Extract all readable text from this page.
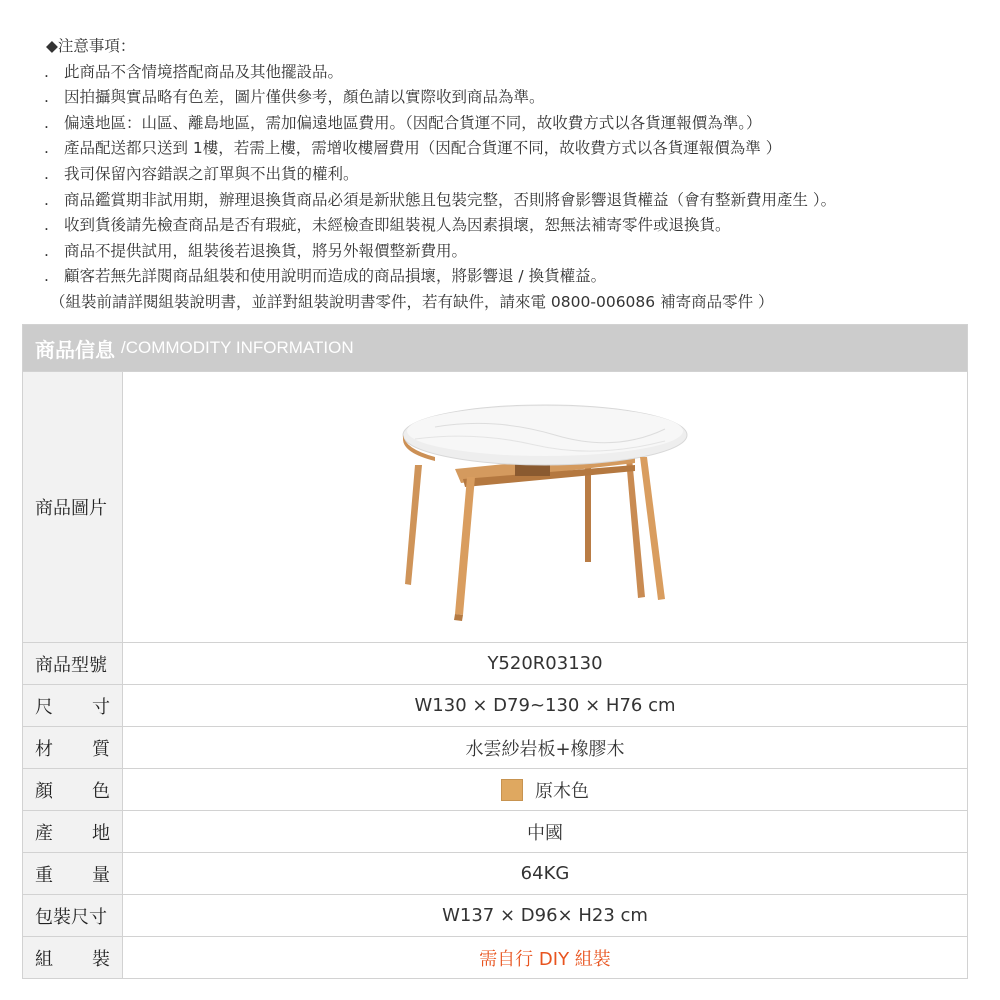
◆注意事項：
. 此商品不含情境搭配商品及其他擺設品。
. 因拍攝與實品略有色差，圖片僅供參考，顏色請以實際收到商品為準。
. 偏遠地區：山區、離島地區，需加偏遠地區費用。（因配合貨運不同，故收費方式以各貨運報價為準。）
. 產品配送都只送到 1樓，若需上樓，需增收樓層費用（因配合貨運不同，故收費方式以各貨運報價為準 ）
. 我司保留內容錯誤之訂單與不出貨的權利。
. 商品鑑賞期非試用期，辦理退換貨商品必須是新狀態且包裝完整，否則將會影響退貨權益（會有整新費用產生 ）。
. 收到貨後請先檢查商品是否有瑕疵，未經檢查即組裝視人為因素損壞，恕無法補寄零件或退換貨。
. 商品不提供試用，組裝後若退換貨，將另外報價整新費用。
. 顧客若無先詳閱商品組裝和使用說明而造成的商品損壞，將影響退 / 換貨權益。
（組裝前請詳閱組裝說明書，並詳對組裝說明書零件，若有缺件，請來電 0800-006086 補寄商品零件 ）
商品信息 /COMMODITY INFORMATION
商品圖片
商品型號	Y520R03130
尺 寸	W130 × D79~130 × H76 cm
材 質	水雲紗岩板+橡膠木
顏 色	原木色
產 地	中國
重 量	64KG
包裝尺寸	W137 × D96× H23 cm
組 裝	需自行 DIY 組裝
